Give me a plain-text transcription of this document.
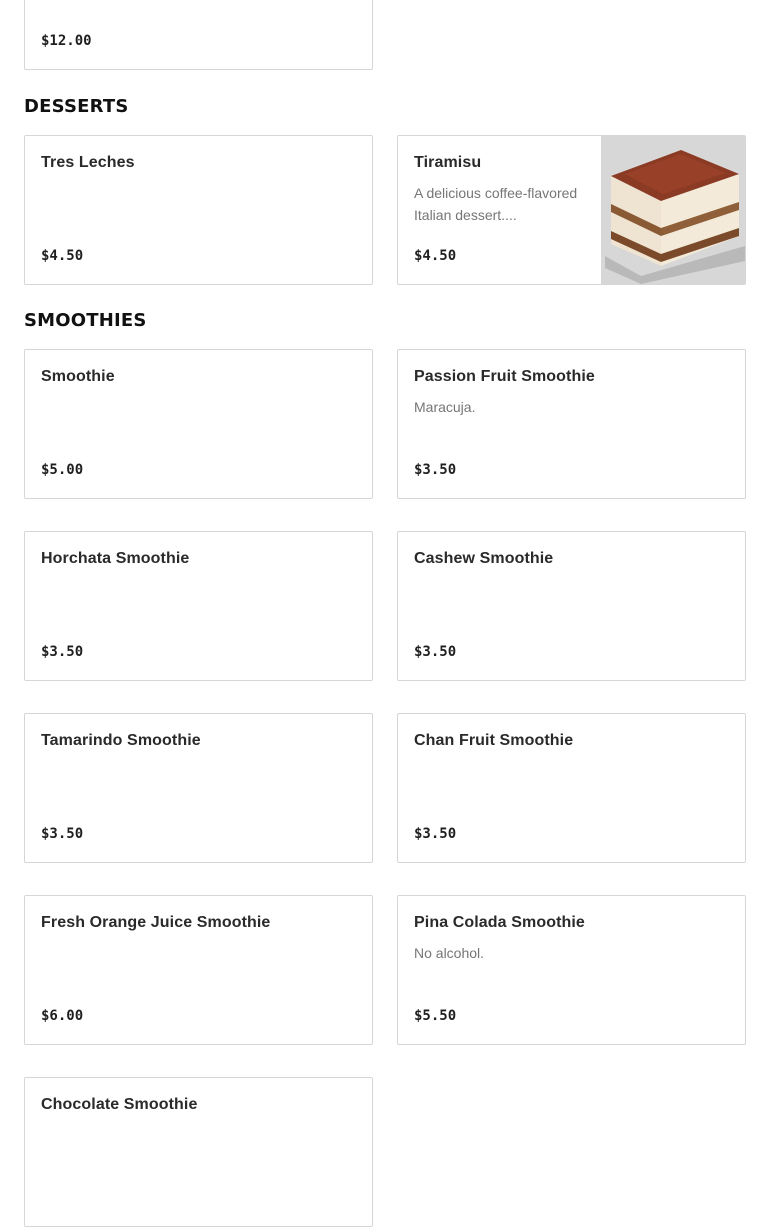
$12.00
DESSERTS
Tres Leches
$4.50
Tiramisu
A delicious coffee-flavored Italian dessert....
$4.50
SMOOTHIES
Smoothie
$5.00
Passion Fruit Smoothie
Maracuja.
$3.50
Horchata Smoothie
$3.50
Cashew Smoothie
$3.50
Tamarindo Smoothie
$3.50
Chan Fruit Smoothie
$3.50
Fresh Orange Juice Smoothie
$6.00
Pina Colada Smoothie
No alcohol.
$5.50
Chocolate Smoothie
